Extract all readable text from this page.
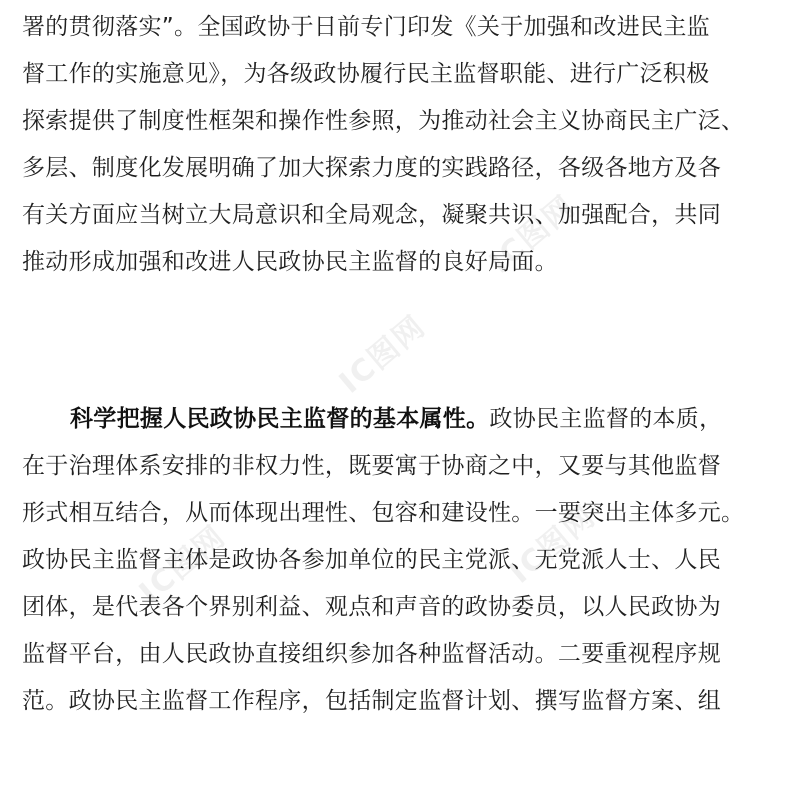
IC图网
IC图网
IC图网	IC图网
署的贯彻落实”。全国政协于日前专门印发《关于加强和改进民主监
督工作的实施意见》，为各级政协履行民主监督职能、进行广泛积极
探索提供了制度性框架和操作性参照，为推动社会主义协商民主广泛、
多层、制度化发展明确了加大探索力度的实践路径，各级各地方及各
有关方面应当树立大局意识和全局观念，凝聚共识、加强配合，共同
推动形成加强和改进人民政协民主监督的良好局面。
科学把握人民政协民主监督的基本属性。政协民主监督的本质，
在于治理体系安排的非权力性，既要寓于协商之中，又要与其他监督
形式相互结合，从而体现出理性、包容和建设性。一要突出主体多元。
政协民主监督主体是政协各参加单位的民主党派、无党派人士、人民
团体，是代表各个界别利益、观点和声音的政协委员，以人民政协为
监督平台，由人民政协直接组织参加各种监督活动。二要重视程序规
范。政协民主监督工作程序，包括制定监督计划、撰写监督方案、组
